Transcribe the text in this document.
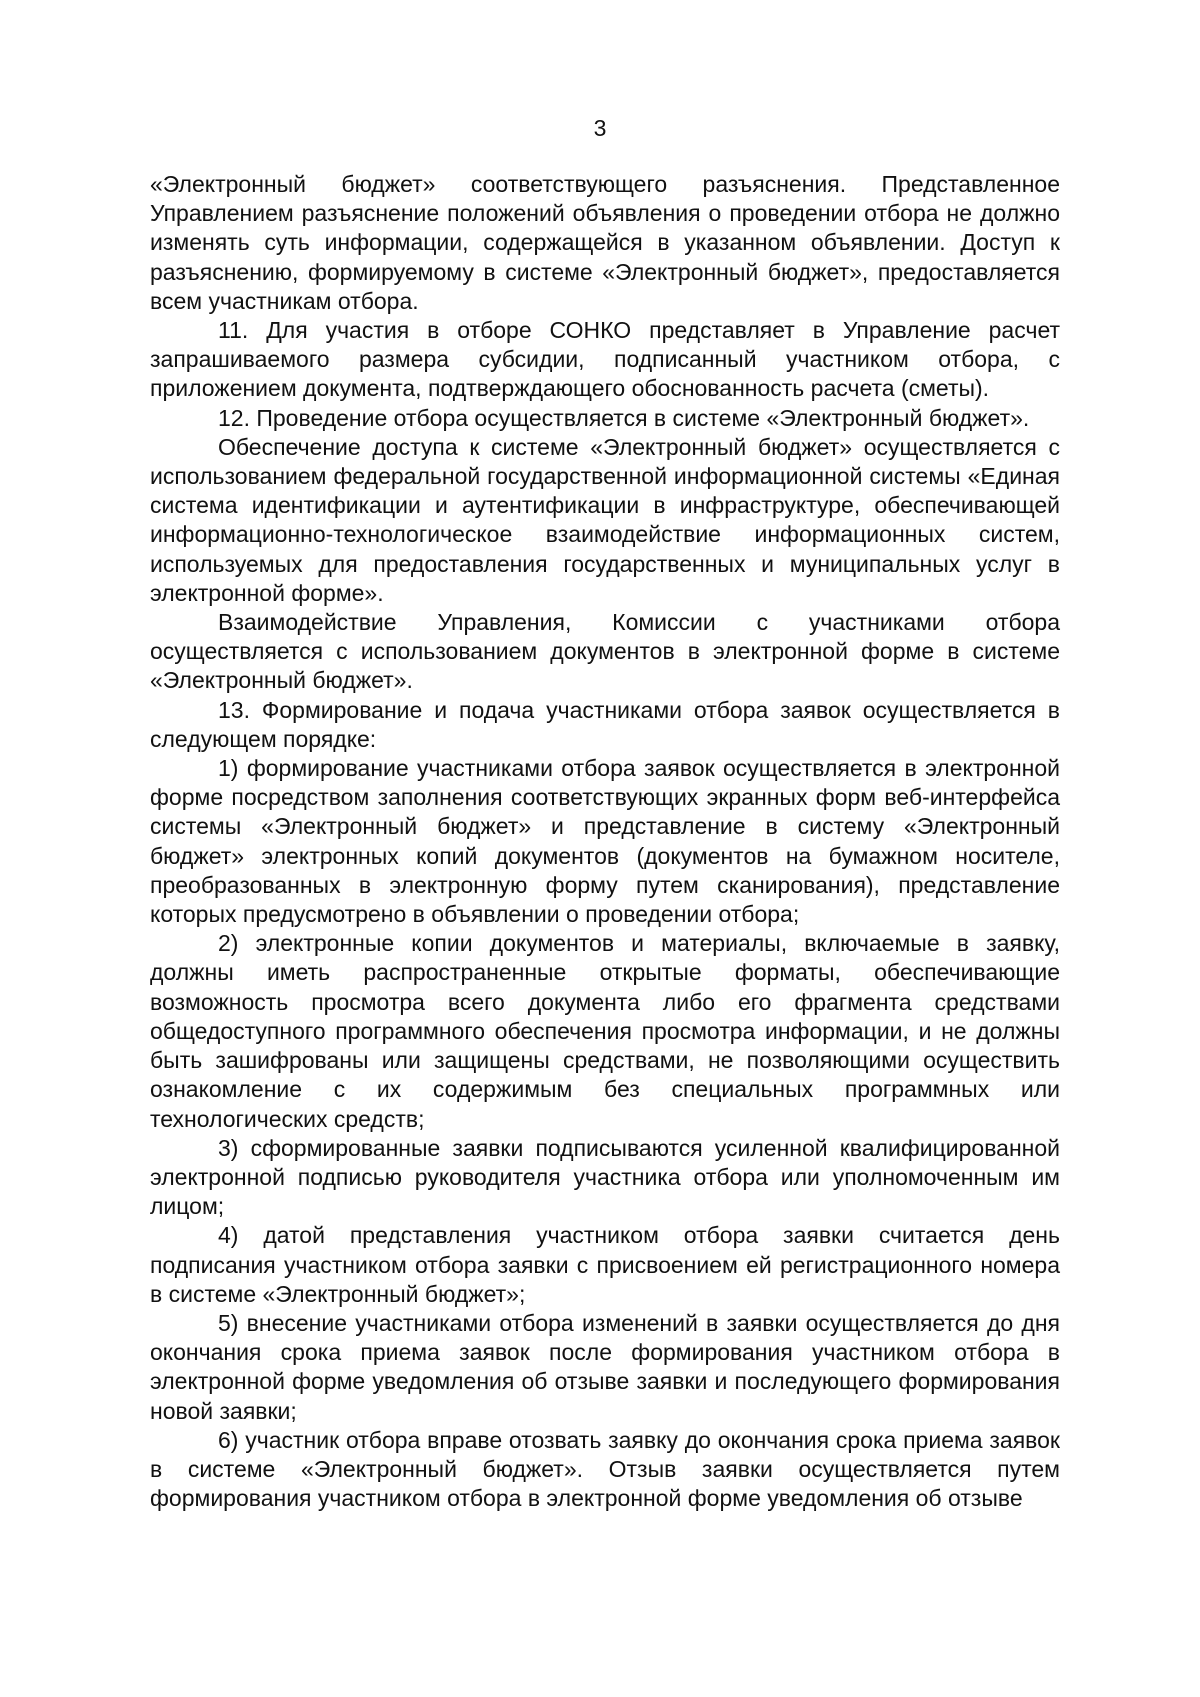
3

«Электронный бюджет» соответствующего разъяснения. Представленное Управлением разъяснение положений объявления о проведении отбора не должно изменять суть информации, содержащейся в указанном объявлении. Доступ к разъяснению, формируемому в системе «Электронный бюджет», предоставляется всем участникам отбора.

11. Для участия в отборе СОНКО представляет в Управление расчет запрашиваемого размера субсидии, подписанный участником отбора, с приложением документа, подтверждающего обоснованность расчета (сметы).

12. Проведение отбора осуществляется в системе «Электронный бюджет».

Обеспечение доступа к системе «Электронный бюджет» осуществляется с использованием федеральной государственной информационной системы «Единая система идентификации и аутентификации в инфраструктуре, обеспечивающей информационно-технологическое взаимодействие информационных систем, используемых для предоставления государственных и муниципальных услуг в электронной форме».

Взаимодействие Управления, Комиссии с участниками отбора осуществляется с использованием документов в электронной форме в системе «Электронный бюджет».

13. Формирование и подача участниками отбора заявок осуществляется в следующем порядке:

1) формирование участниками отбора заявок осуществляется в электронной форме посредством заполнения соответствующих экранных форм веб-интерфейса системы «Электронный бюджет» и представление в систему «Электронный бюджет» электронных копий документов (документов на бумажном носителе, преобразованных в электронную форму путем сканирования), представление которых предусмотрено в объявлении о проведении отбора;

2) электронные копии документов и материалы, включаемые в заявку, должны иметь распространенные открытые форматы, обеспечивающие возможность просмотра всего документа либо его фрагмента средствами общедоступного программного обеспечения просмотра информации, и не должны быть зашифрованы или защищены средствами, не позволяющими осуществить ознакомление с их содержимым без специальных программных или технологических средств;

3) сформированные заявки подписываются усиленной квалифицированной электронной подписью руководителя участника отбора или уполномоченным им лицом;

4) датой представления участником отбора заявки считается день подписания участником отбора заявки с присвоением ей регистрационного номера в системе «Электронный бюджет»;

5) внесение участниками отбора изменений в заявки осуществляется до дня окончания срока приема заявок после формирования участником отбора в электронной форме уведомления об отзыве заявки и последующего формирования новой заявки;

6) участник отбора вправе отозвать заявку до окончания срока приема заявок в системе «Электронный бюджет». Отзыв заявки осуществляется путем формирования участником отбора в электронной форме уведомления об отзыве
